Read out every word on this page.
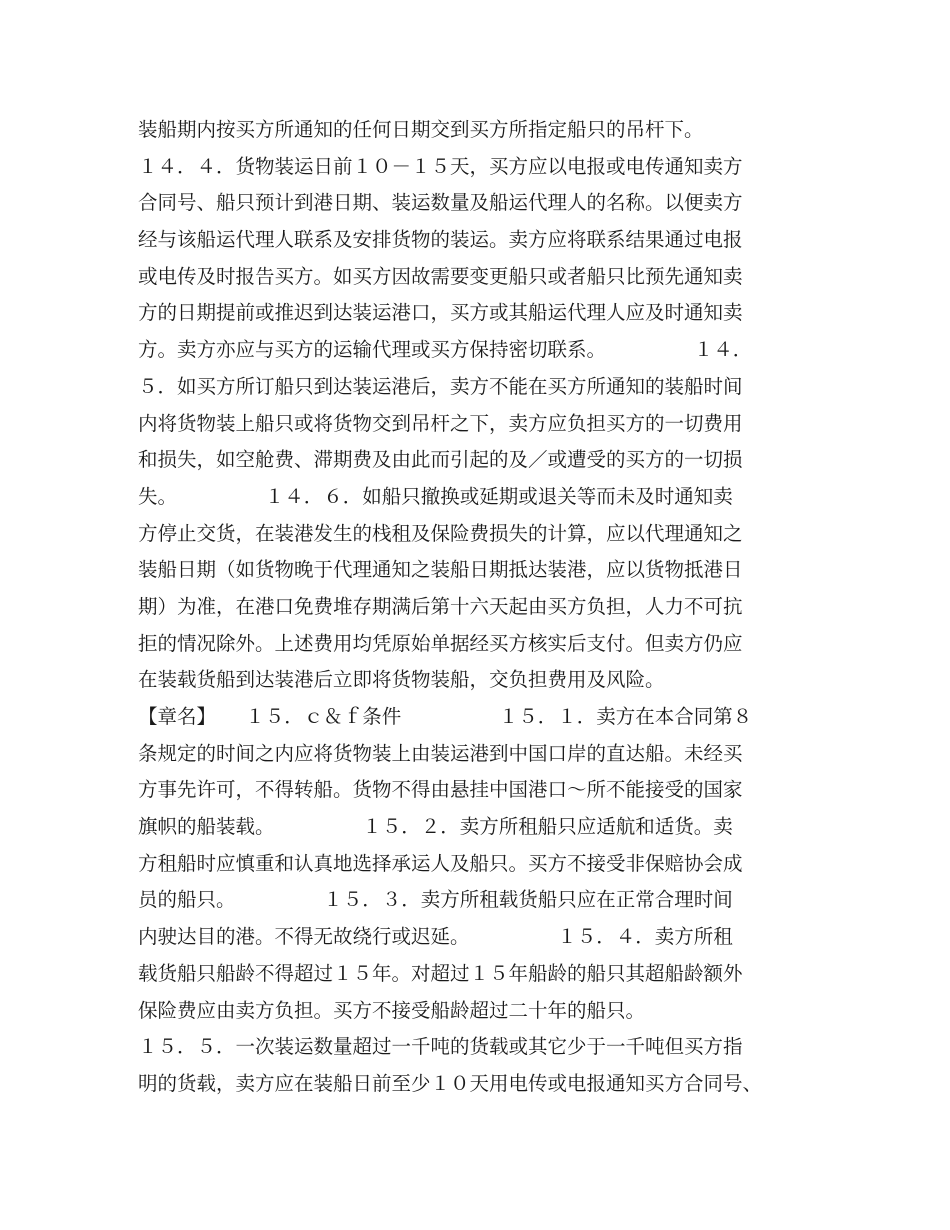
装船期内按买方所通知的任何日期交到买方所指定船只的吊杆下。
１４．４．货物装运日前１０－１５天，买方应以电报或电传通知卖方
合同号、船只预计到港日期、装运数量及船运代理人的名称。以便卖方
经与该船运代理人联系及安排货物的装运。卖方应将联系结果通过电报
或电传及时报告买方。如买方因故需要变更船只或者船只比预先通知卖
方的日期提前或推迟到达装运港口，买方或其船运代理人应及时通知卖
方。卖方亦应与买方的运输代理或买方保持密切联系。　　　　　１４．
５．如买方所订船只到达装运港后，卖方不能在买方所通知的装船时间
内将货物装上船只或将货物交到吊杆之下，卖方应负担买方的一切费用
和损失，如空舱费、滞期费及由此而引起的及／或遭受的买方的一切损
失。　　　　　１４．６．如船只撤换或延期或退关等而未及时通知卖
方停止交货，在装港发生的栈租及保险费损失的计算，应以代理通知之
装船日期（如货物晚于代理通知之装船日期抵达装港，应以货物抵港日
期）为准，在港口免费堆存期满后第十六天起由买方负担，人力不可抗
拒的情况除外。上述费用均凭原始单据经买方核实后支付。但卖方仍应
在装载货船到达装港后立即将货物装船，交负担费用及风险。
【章名】　　１５．ｃ＆ｆ条件　　　　　１５．１．卖方在本合同第８
条规定的时间之内应将货物装上由装运港到中国口岸的直达船。未经买
方事先许可，不得转船。货物不得由悬挂中国港口～所不能接受的国家
旗帜的船装载。　　　　　１５．２．卖方所租船只应适航和适货。卖
方租船时应慎重和认真地选择承运人及船只。买方不接受非保赔协会成
员的船只。　　　　　１５．３．卖方所租载货船只应在正常合理时间
内驶达目的港。不得无故绕行或迟延。　　　　　１５．４．卖方所租
载货船只船龄不得超过１５年。对超过１５年船龄的船只其超船龄额外
保险费应由卖方负担。买方不接受船龄超过二十年的船只。
１５．５．一次装运数量超过一千吨的货载或其它少于一千吨但买方指
明的货载，卖方应在装船日前至少１０天用电传或电报通知买方合同号、
